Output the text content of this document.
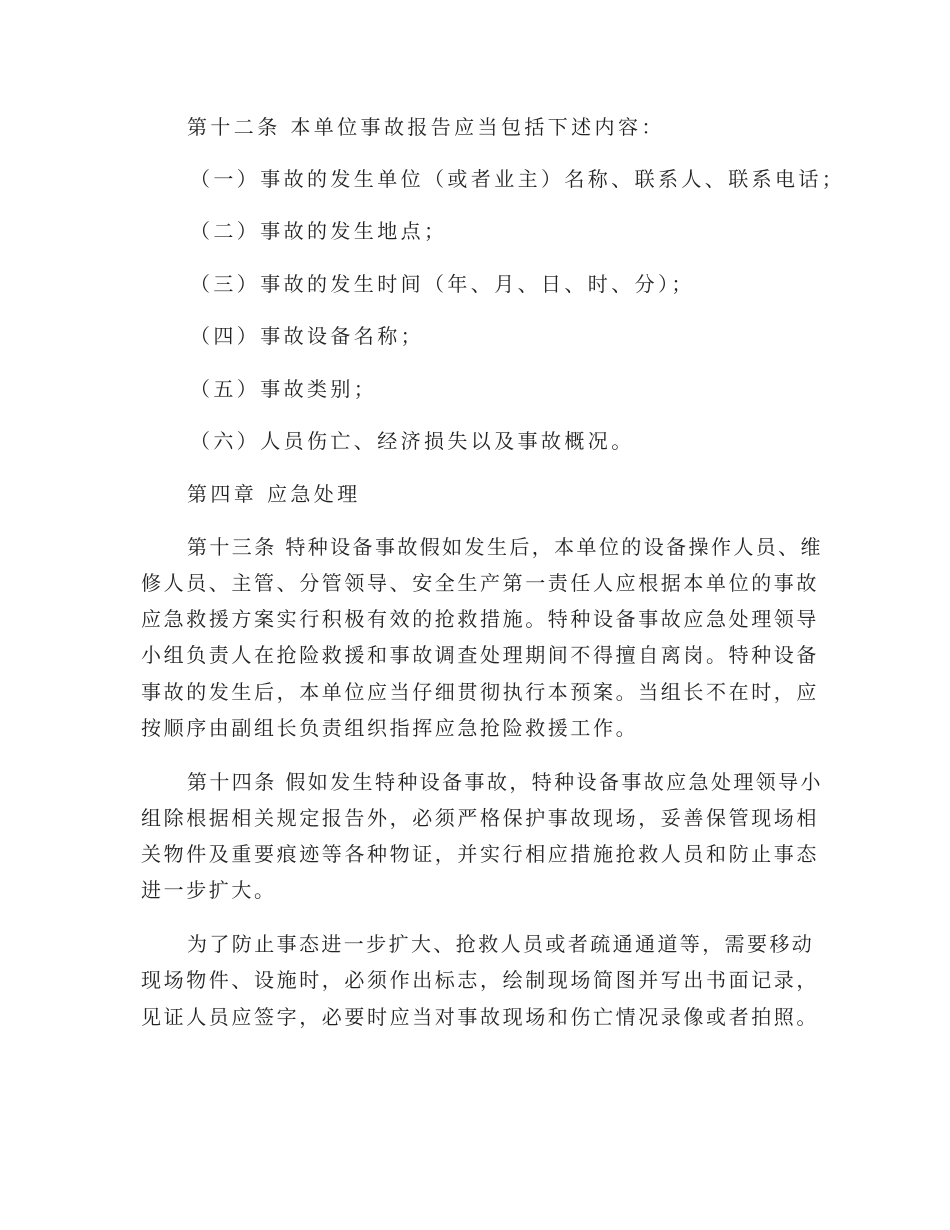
第十二条 本单位事故报告应当包括下述内容：
（一）事故的发生单位（或者业主）名称、联系人、联系电话；
（二）事故的发生地点；
（三）事故的发生时间（年、月、日、时、分）；
（四）事故设备名称；
（五）事故类别；
（六）人员伤亡、经济损失以及事故概况。
第四章 应急处理
第十三条 特种设备事故假如发生后，本单位的设备操作人员、维
修人员、主管、分管领导、安全生产第一责任人应根据本单位的事故
应急救援方案实行积极有效的抢救措施。特种设备事故应急处理领导
小组负责人在抢险救援和事故调查处理期间不得擅自离岗。特种设备
事故的发生后，本单位应当仔细贯彻执行本预案。当组长不在时，应
按顺序由副组长负责组织指挥应急抢险救援工作。
第十四条 假如发生特种设备事故，特种设备事故应急处理领导小
组除根据相关规定报告外，必须严格保护事故现场，妥善保管现场相
关物件及重要痕迹等各种物证，并实行相应措施抢救人员和防止事态
进一步扩大。
为了防止事态进一步扩大、抢救人员或者疏通通道等，需要移动
现场物件、设施时，必须作出标志，绘制现场简图并写出书面记录，
见证人员应签字，必要时应当对事故现场和伤亡情况录像或者拍照。
